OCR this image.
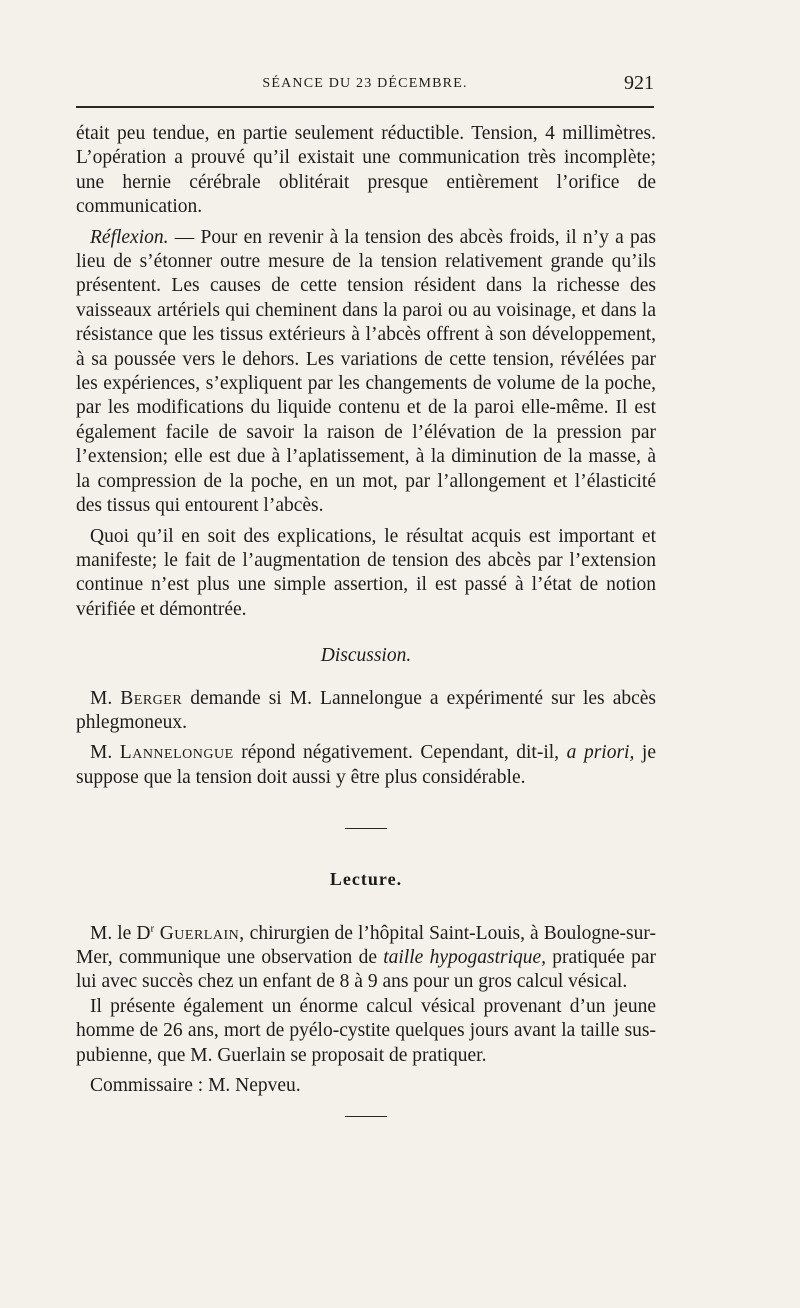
SÉANCE DU 23 DÉCEMBRE.	921

était peu tendue, en partie seulement réductible. Tension, 4 millimètres. L’opération a prouvé qu’il existait une communication très incomplète; une hernie cérébrale oblitérait presque entièrement l’orifice de communication.

Réflexion. — Pour en revenir à la tension des abcès froids, il n’y a pas lieu de s’étonner outre mesure de la tension relativement grande qu’ils présentent. Les causes de cette tension résident dans la richesse des vaisseaux artériels qui cheminent dans la paroi ou au voisinage, et dans la résistance que les tissus extérieurs à l’abcès offrent à son développement, à sa poussée vers le dehors. Les variations de cette tension, révélées par les expériences, s’expliquent par les changements de volume de la poche, par les modifications du liquide contenu et de la paroi elle-même. Il est également facile de savoir la raison de l’élévation de la pression par l’extension; elle est due à l’aplatissement, à la diminution de la masse, à la compression de la poche, en un mot, par l’allongement et l’élasticité des tissus qui entourent l’abcès.

Quoi qu’il en soit des explications, le résultat acquis est important et manifeste; le fait de l’augmentation de tension des abcès par l’extension continue n’est plus une simple assertion, il est passé à l’état de notion vérifiée et démontrée.

Discussion.

M. Berger demande si M. Lannelongue a expérimenté sur les abcès phlegmoneux.

M. Lannelongue répond négativement. Cependant, dit-il, a priori, je suppose que la tension doit aussi y être plus considérable.

Lecture.

M. le $D^r$ Guerlain, chirurgien de l’hôpital Saint-Louis, à Boulogne-sur-Mer, communique une observation de taille hypogastrique, pratiquée par lui avec succès chez un enfant de 8 à 9 ans pour un gros calcul vésical.

Il présente également un énorme calcul vésical provenant d’un jeune homme de 26 ans, mort de pyélo-cystite quelques jours avant la taille sus-pubienne, que M. Guerlain se proposait de pratiquer.

Commissaire : M. Nepveu.
